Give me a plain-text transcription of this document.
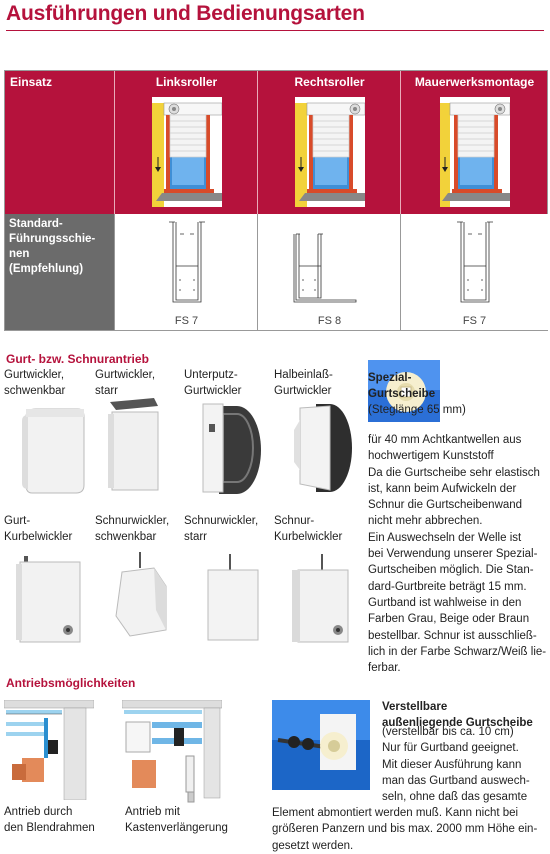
Ausführungen und Bedienungsarten
Einsatz	Linksroller	Rechtsroller	Mauerwerksmontage
Standard-
Führungsschie-
nen
(Empfehlung)
FS 7	FS 8	FS 7
Gurt- bzw. Schnurantrieb
Gurtwickler,
schwenkbar
Gurtwickler,
starr
Unterputz-
Gurtwickler
Halbeinlaß-
Gurtwickler
Spezial-
Gurtscheibe
(Steglänge 65 mm)
für 40 mm Achtkantwellen aus
hochwertigem Kunststoff
Da die Gurtscheibe sehr elastisch
ist, kann beim Aufwickeln der
Schnur die Gurtscheibenwand
nicht mehr abbrechen.
Ein Auswechseln der Welle ist
bei Verwendung unserer Spezial-
Gurtscheiben möglich. Die Stan-
dard-Gurtbreite beträgt 15 mm.
Gurtband ist wahlweise in den
Farben Grau, Beige oder Braun
bestellbar. Schnur ist ausschließ-
lich in der Farbe Schwarz/Weiß lie-
ferbar.
Gurt-
Kurbelwickler
Schnurwickler,
schwenkbar
Schnurwickler,
starr
Schnur-
Kurbelwickler
Antriebsmöglichkeiten
Antrieb durch
den Blendrahmen
Antrieb mit
Kastenverlängerung
Verstellbare
außenliegende Gurtscheibe
(verstellbar bis ca. 10 cm)
Nur für Gurtband geeignet.
Mit dieser Ausführung kann
man das Gurtband auswech-
seln, ohne daß das gesamte
Element abmontiert werden muß. Kann nicht bei
größeren Panzern und bis max. 2000 mm Höhe ein-
gesetzt werden.
